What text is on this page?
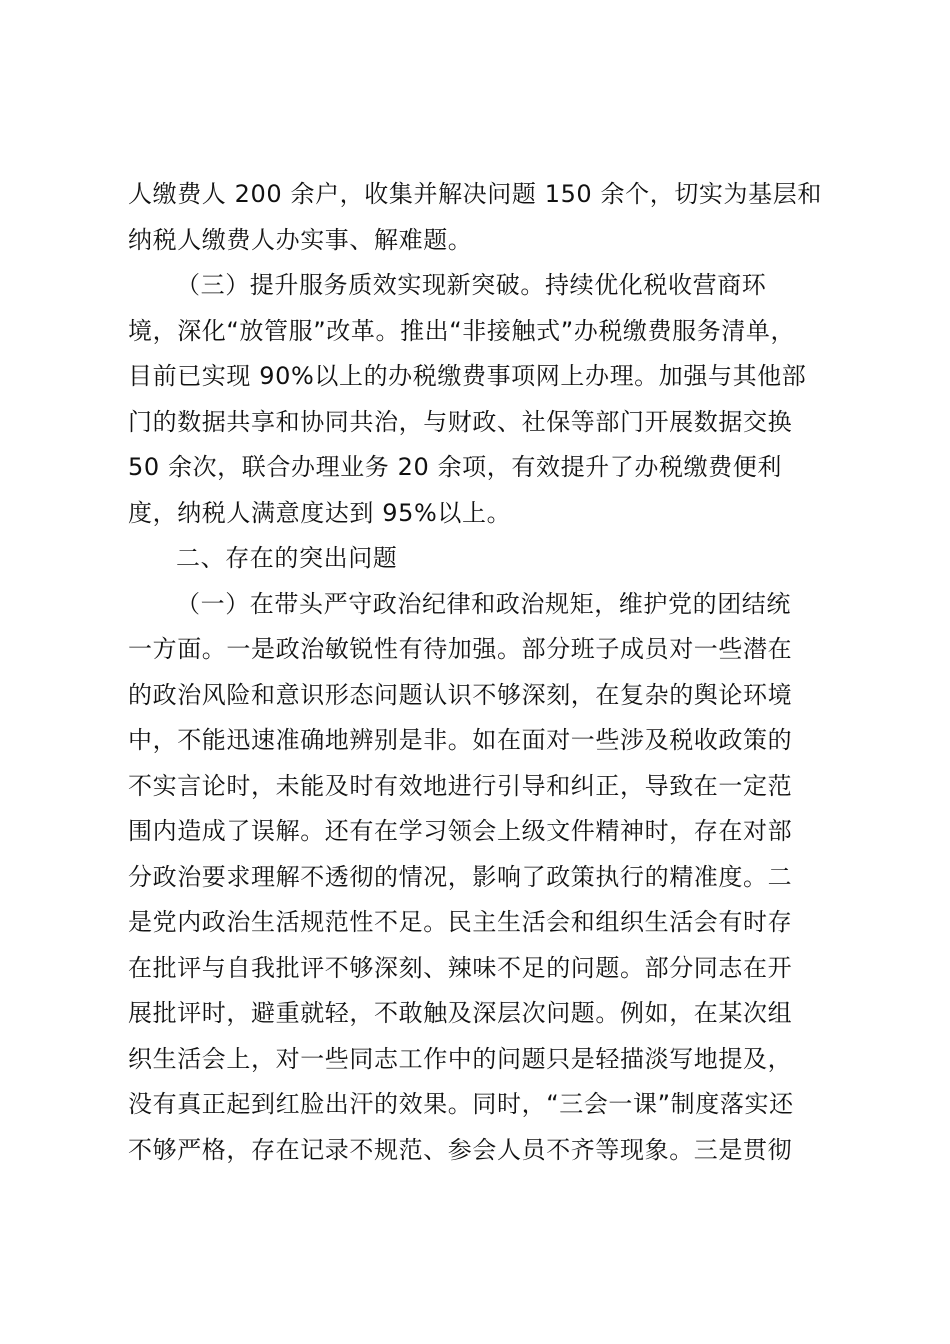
人缴费人 200 余户，收集并解决问题 150 余个，切实为基层和
纳税人缴费人办实事、解难题。
（三）提升服务质效实现新突破。持续优化税收营商环
境，深化“放管服”改革。推出“非接触式”办税缴费服务清单，
目前已实现 90%以上的办税缴费事项网上办理。加强与其他部
门的数据共享和协同共治，与财政、社保等部门开展数据交换
50 余次，联合办理业务 20 余项，有效提升了办税缴费便利
度，纳税人满意度达到 95%以上。
二、存在的突出问题
（一）在带头严守政治纪律和政治规矩，维护党的团结统
一方面。一是政治敏锐性有待加强。部分班子成员对一些潜在
的政治风险和意识形态问题认识不够深刻，在复杂的舆论环境
中，不能迅速准确地辨别是非。如在面对一些涉及税收政策的
不实言论时，未能及时有效地进行引导和纠正，导致在一定范
围内造成了误解。还有在学习领会上级文件精神时，存在对部
分政治要求理解不透彻的情况，影响了政策执行的精准度。二
是党内政治生活规范性不足。民主生活会和组织生活会有时存
在批评与自我批评不够深刻、辣味不足的问题。部分同志在开
展批评时，避重就轻，不敢触及深层次问题。例如，在某次组
织生活会上，对一些同志工作中的问题只是轻描淡写地提及，
没有真正起到红脸出汗的效果。同时，“三会一课”制度落实还
不够严格，存在记录不规范、参会人员不齐等现象。三是贯彻
